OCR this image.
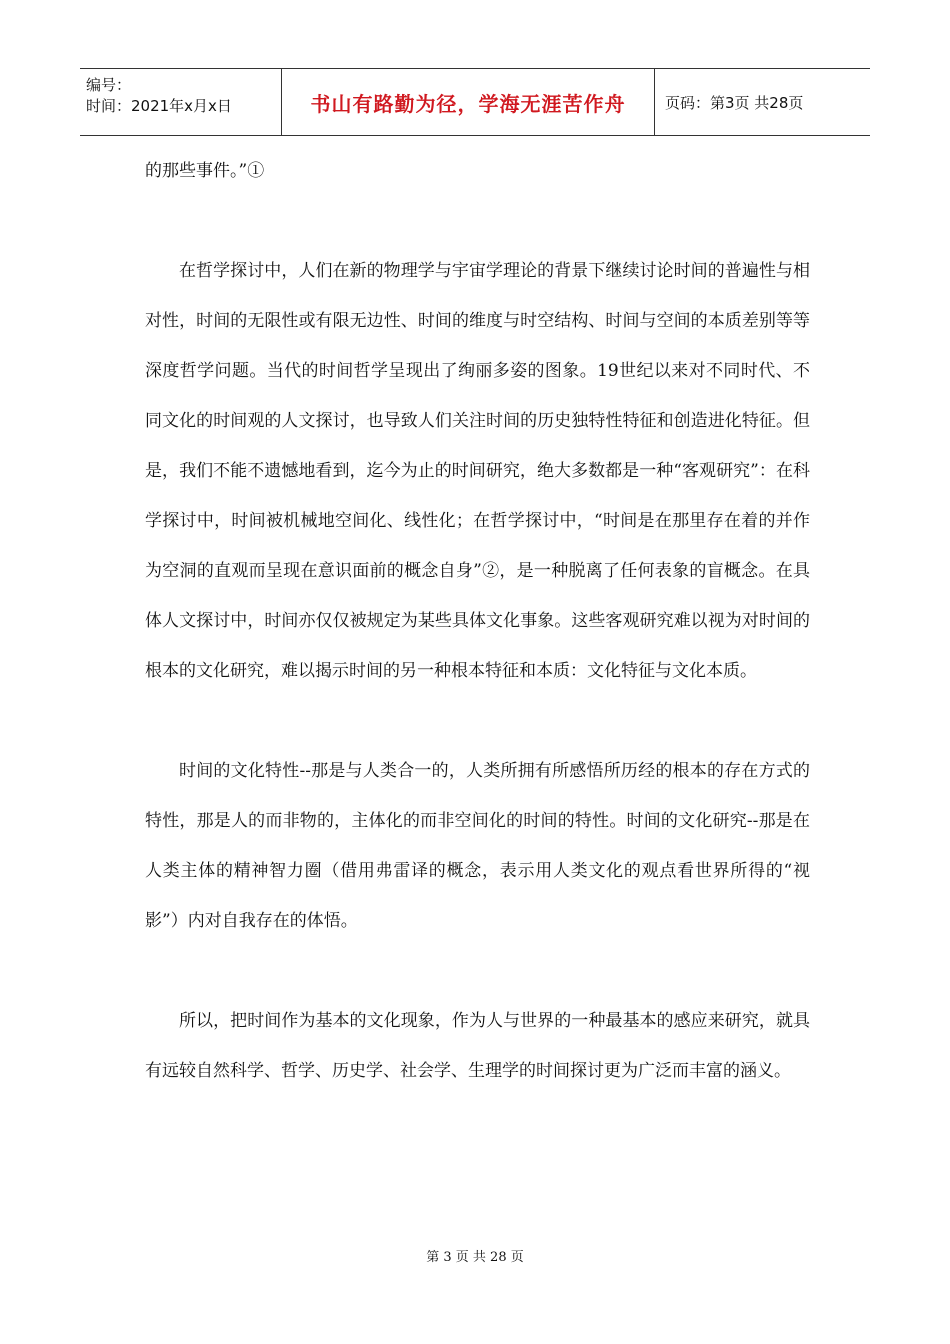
编号：
时间：2021年x月x日	书山有路勤为径，学海无涯苦作舟	页码：第3页 共28页

的那些事件。”①

在哲学探讨中，人们在新的物理学与宇宙学理论的背景下继续讨论时间的普遍性与相对性，时间的无限性或有限无边性、时间的维度与时空结构、时间与空间的本质差别等等深度哲学问题。当代的时间哲学呈现出了绚丽多姿的图象。19世纪以来对不同时代、不同文化的时间观的人文探讨，也导致人们关注时间的历史独特性特征和创造进化特征。但是，我们不能不遗憾地看到，迄今为止的时间研究，绝大多数都是一种“客观研究”：在科学探讨中，时间被机械地空间化、线性化；在哲学探讨中，“时间是在那里存在着的并作为空洞的直观而呈现在意识面前的概念自身”②，是一种脱离了任何表象的盲概念。在具体人文探讨中，时间亦仅仅被规定为某些具体文化事象。这些客观研究难以视为对时间的根本的文化研究，难以揭示时间的另一种根本特征和本质：文化特征与文化本质。

时间的文化特性--那是与人类合一的，人类所拥有所感悟所历经的根本的存在方式的特性，那是人的而非物的，主体化的而非空间化的时间的特性。时间的文化研究--那是在人类主体的精神智力圈（借用弗雷译的概念，表示用人类文化的观点看世界所得的“视影”）内对自我存在的体悟。

所以，把时间作为基本的文化现象，作为人与世界的一种最基本的感应来研究，就具有远较自然科学、哲学、历史学、社会学、生理学的时间探讨更为广泛而丰富的涵义。

第 3 页 共 28 页
